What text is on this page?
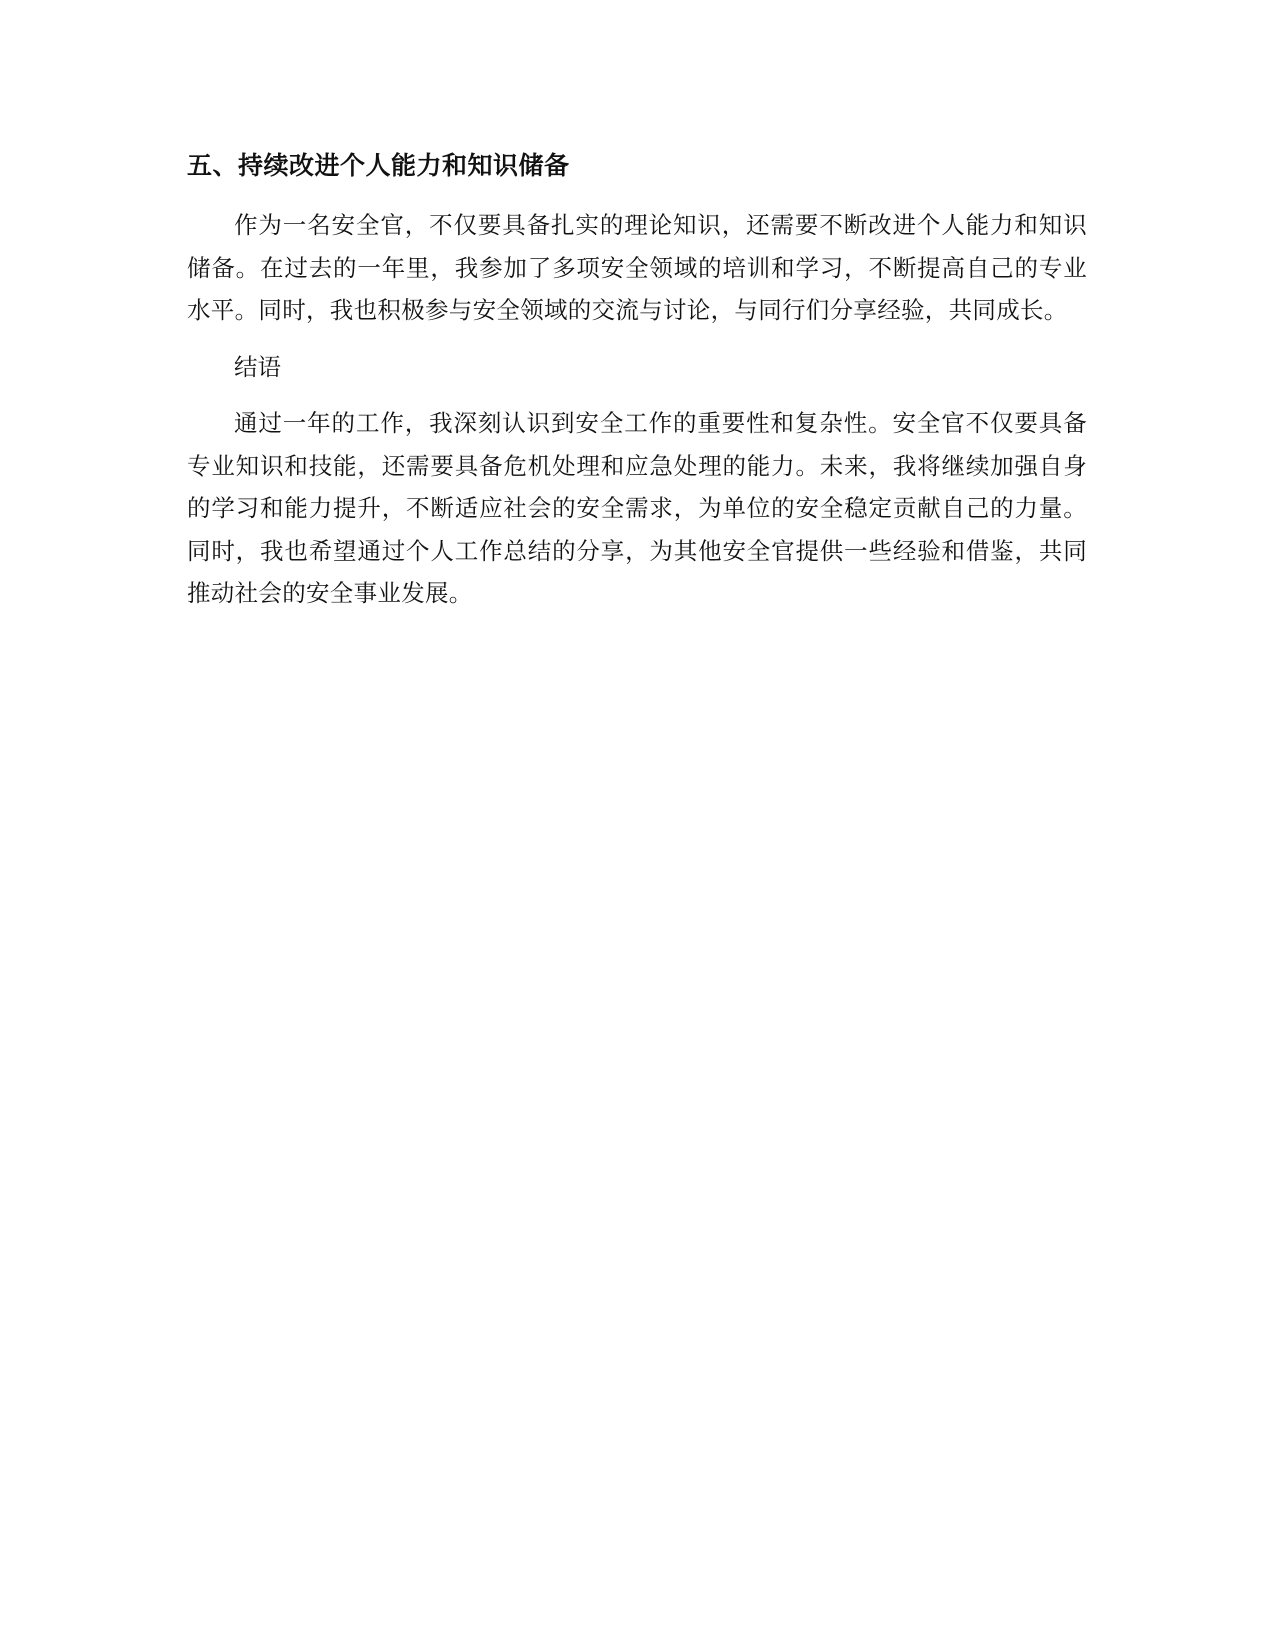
五、持续改进个人能力和知识储备

作为一名安全官，不仅要具备扎实的理论知识，还需要不断改进个人能力和知识储备。在过去的一年里，我参加了多项安全领域的培训和学习，不断提高自己的专业水平。同时，我也积极参与安全领域的交流与讨论，与同行们分享经验，共同成长。

结语

通过一年的工作，我深刻认识到安全工作的重要性和复杂性。安全官不仅要具备专业知识和技能，还需要具备危机处理和应急处理的能力。未来，我将继续加强自身的学习和能力提升，不断适应社会的安全需求，为单位的安全稳定贡献自己的力量。同时，我也希望通过个人工作总结的分享，为其他安全官提供一些经验和借鉴，共同推动社会的安全事业发展。
